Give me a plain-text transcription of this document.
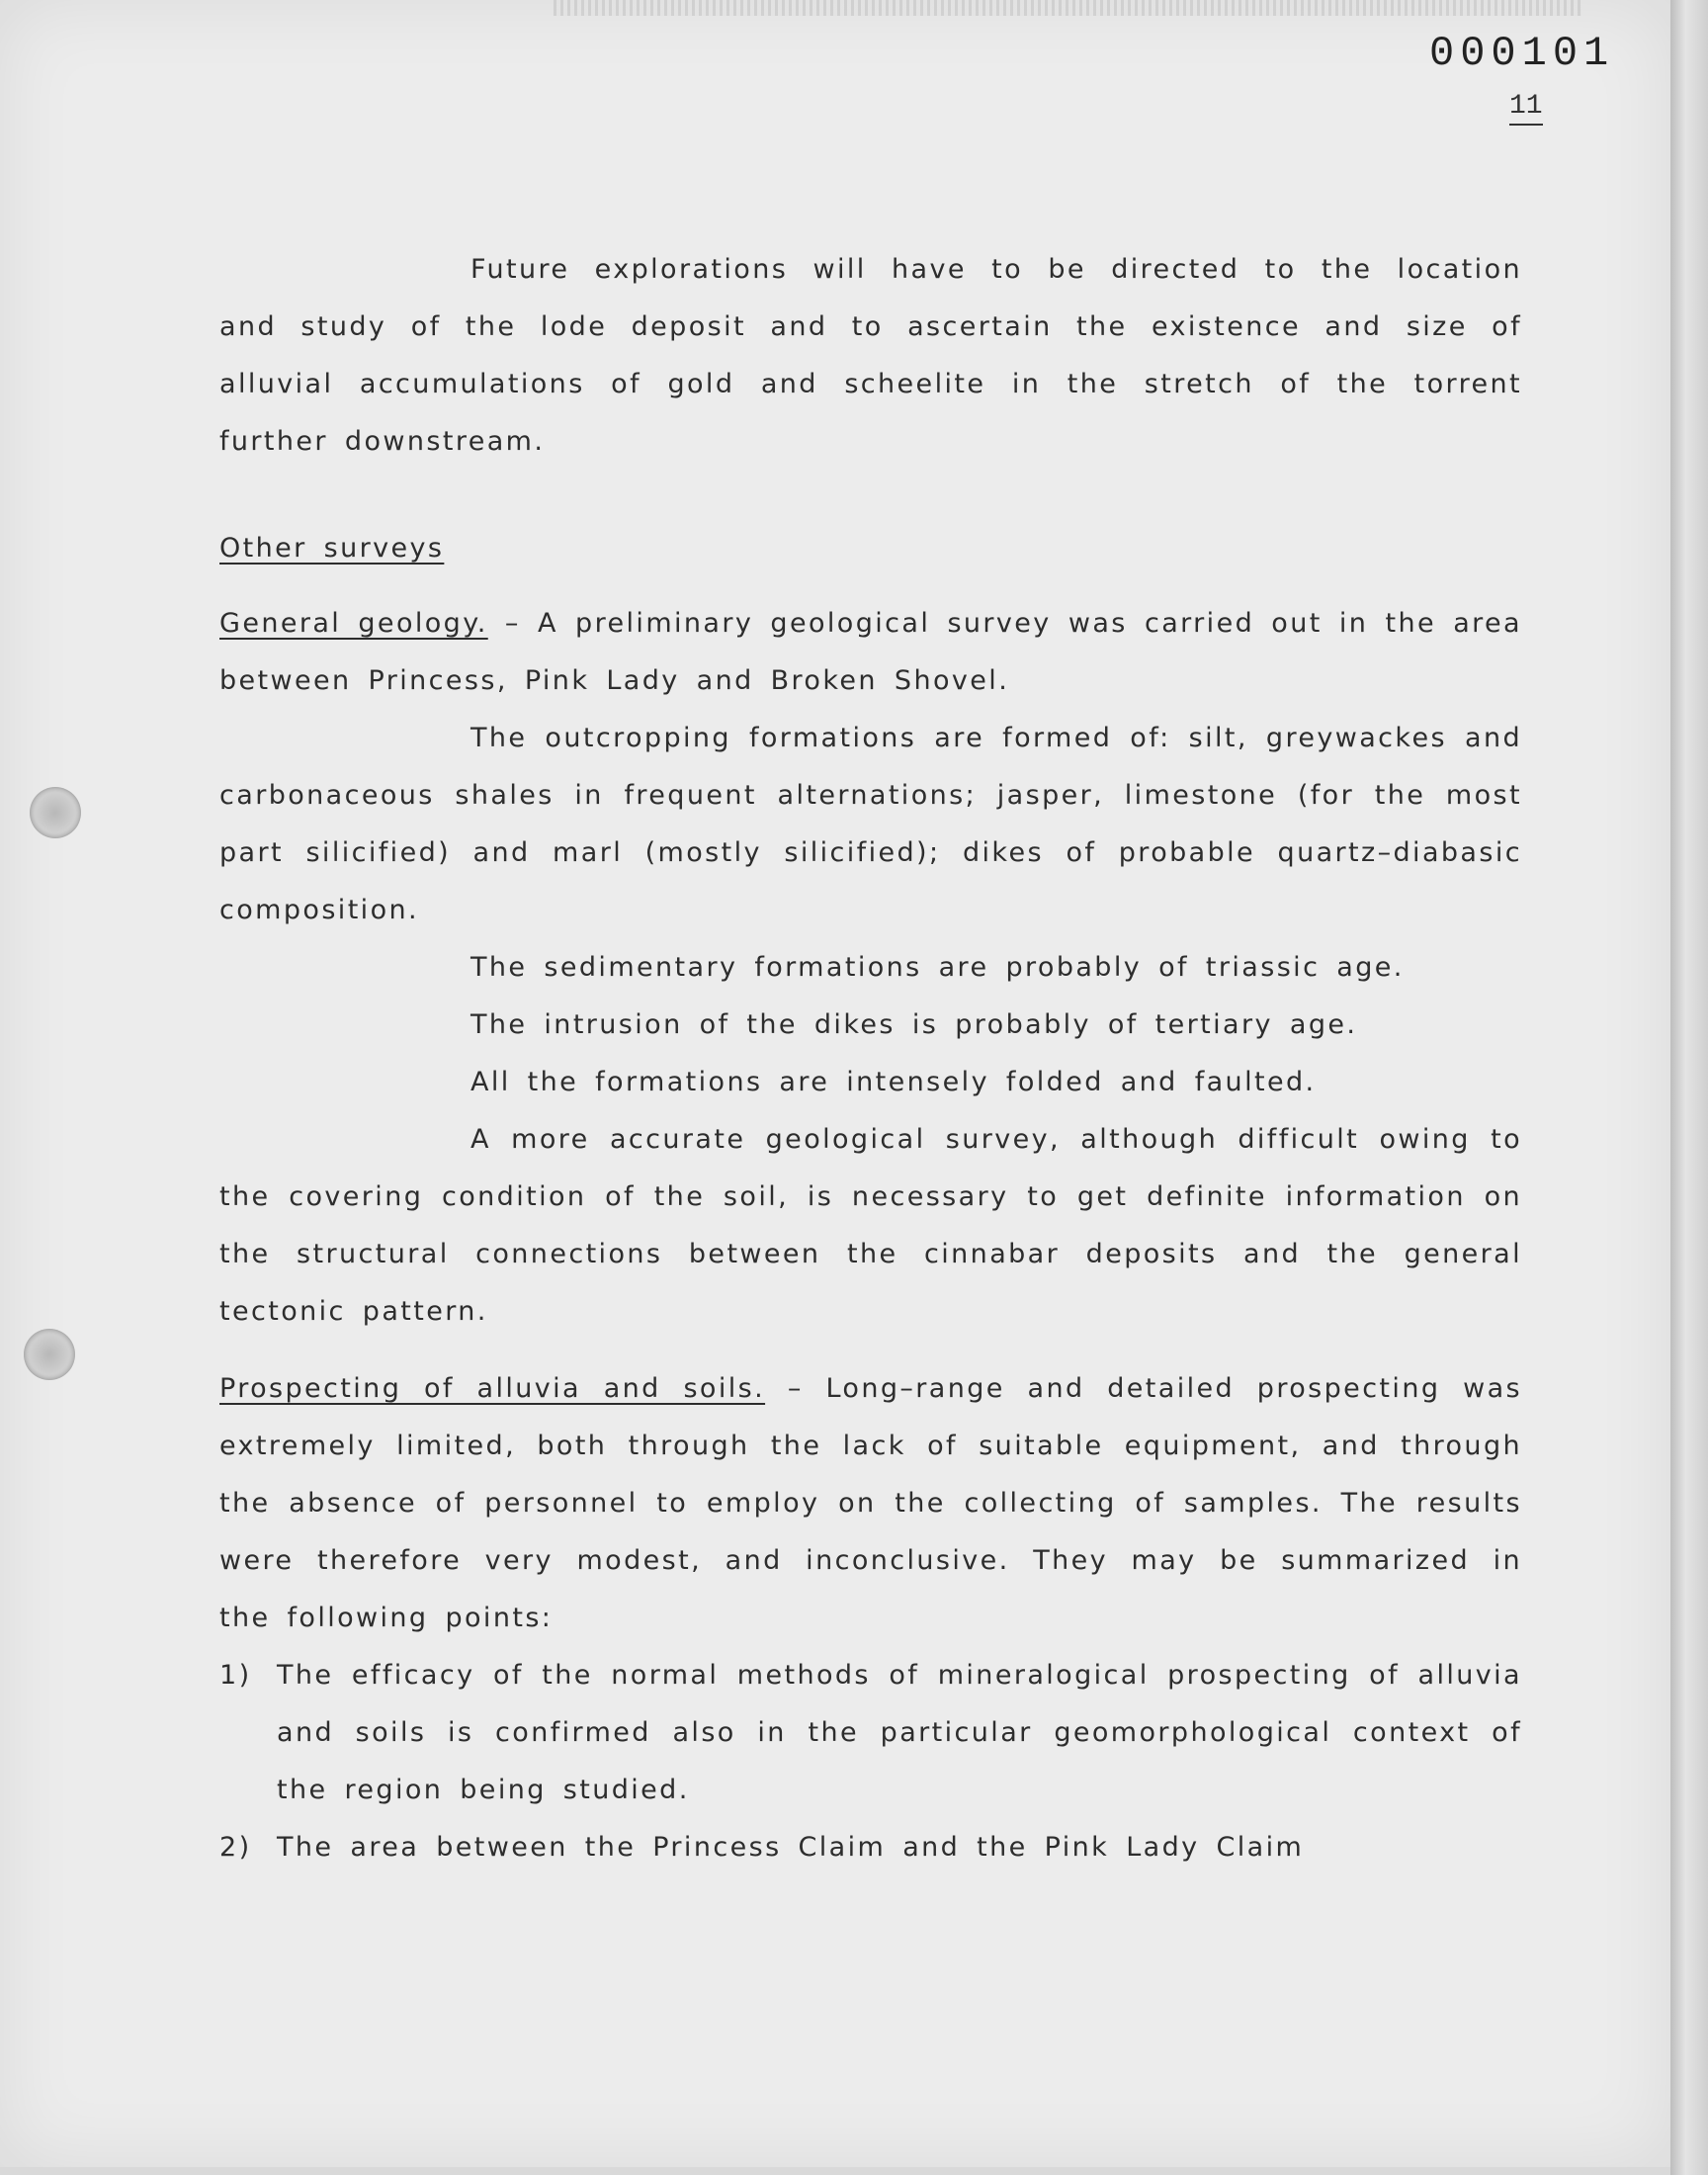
000101
11

Future explorations will have to be directed to the location and study of the lode deposit and to ascertain the existence and size of alluvial accumulations of gold and scheelite in the stretch of the torrent further downstream.

Other surveys

General geology. – A preliminary geological survey was carried out in the area between Princess, Pink Lady and Broken Shovel.

The outcropping formations are formed of: silt, greywackes and carbonaceous shales in frequent alternations; jasper, limestone (for the most part silicified) and marl (mostly silicified); dikes of probable quartz–diabasic composition.

The sedimentary formations are probably of triassic age.

The intrusion of the dikes is probably of tertiary age.

All the formations are intensely folded and faulted.

A more accurate geological survey, although difficult owing to the covering condition of the soil, is necessary to get definite information on the structural connections between the cinnabar deposits and the general tectonic pattern.

Prospecting of alluvia and soils. – Long–range and detailed prospecting was extremely limited, both through the lack of suitable equipment, and through the absence of personnel to employ on the collecting of samples. The results were therefore very modest, and inconclusive. They may be summarized in the following points:

1) The efficacy of the normal methods of mineralogical prospecting of alluvia and soils is confirmed also in the particular geomorphological context of the region being studied.
2) The area between the Princess Claim and the Pink Lady Claim
